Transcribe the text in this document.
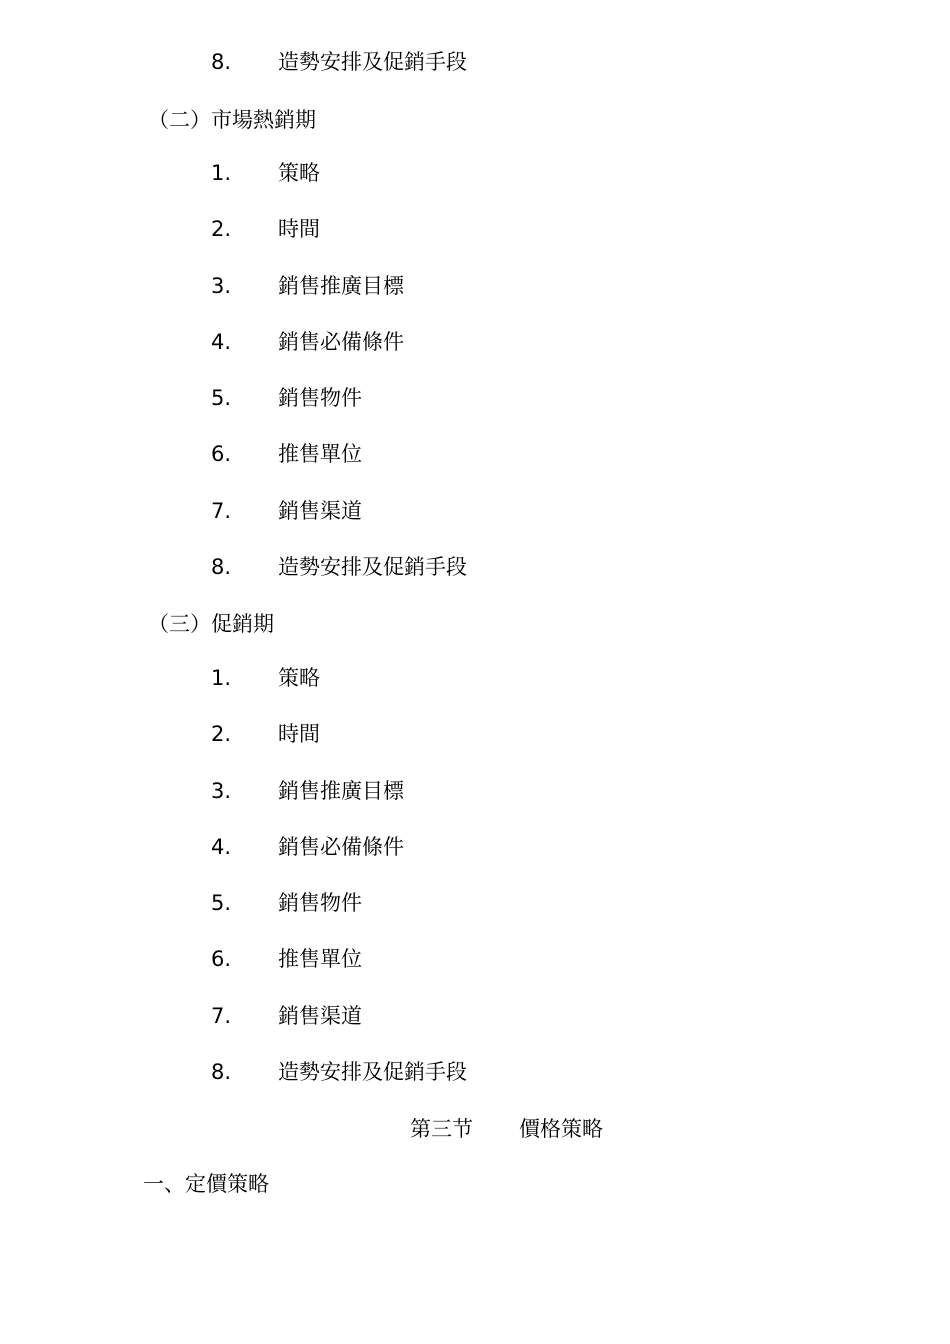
8. 造勢安排及促銷手段
（二）市場熱銷期
1. 策略
2. 時間
3. 銷售推廣目標
4. 銷售必備條件
5. 銷售物件
6. 推售單位
7. 銷售渠道
8. 造勢安排及促銷手段
（三）促銷期
1. 策略
2. 時間
3. 銷售推廣目標
4. 銷售必備條件
5. 銷售物件
6. 推售單位
7. 銷售渠道
8. 造勢安排及促銷手段
第三节 價格策略
一、定價策略
